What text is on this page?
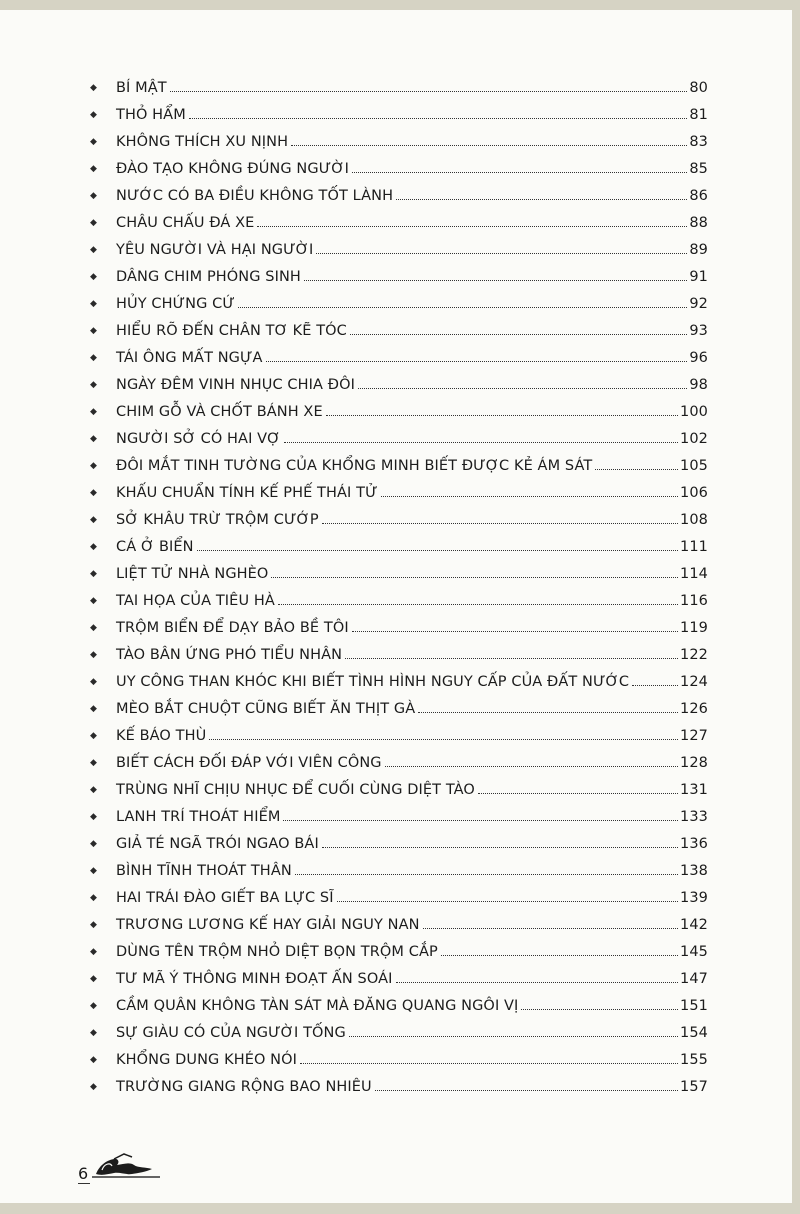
◆	BÍ MẬT	80
◆	THỎ HẨM	81
◆	KHÔNG THÍCH XU NỊNH	83
◆	ĐÀO TẠO KHÔNG ĐÚNG NGƯỜI	85
◆	NƯỚC CÓ BA ĐIỀU KHÔNG TỐT LÀNH	86
◆	CHÂU CHẤU ĐÁ XE	88
◆	YÊU NGƯỜI VÀ HẠI NGƯỜI	89
◆	DÂNG CHIM PHÓNG SINH	91
◆	HỦY CHỨNG CỨ	92
◆	HIỂU RÕ ĐẾN CHÂN TƠ KẼ TÓC	93
◆	TÁI ÔNG MẤT NGỰA	96
◆	NGÀY ĐÊM VINH NHỤC CHIA ĐÔI	98
◆	CHIM GỖ VÀ CHỐT BÁNH XE	100
◆	NGƯỜI SỞ CÓ HAI VỢ	102
◆	ĐÔI MẮT TINH TƯỜNG CỦA KHỔNG MINH BIẾT ĐƯỢC KẺ ÁM SÁT	105
◆	KHẤU CHUẨN TÍNH KẾ PHẾ THÁI TỬ	106
◆	SỞ KHÂU TRỪ TRỘM CƯỚP	108
◆	CÁ Ở BIỂN	111
◆	LIỆT TỬ NHÀ NGHÈO	114
◆	TAI HỌA CỦA TIÊU HÀ	116
◆	TRỘM BIỂN ĐỂ DẠY BẢO BỀ TÔI	119
◆	TÀO BÂN ỨNG PHÓ TIỂU NHÂN	122
◆	UY CÔNG THAN KHÓC KHI BIẾT TÌNH HÌNH NGUY CẤP CỦA ĐẤT NƯỚC	124
◆	MÈO BẮT CHUỘT CŨNG BIẾT ĂN THỊT GÀ	126
◆	KẾ BÁO THÙ	127
◆	BIẾT CÁCH ĐỐI ĐÁP VỚI VIÊN CÔNG	128
◆	TRÙNG NHĨ CHỊU NHỤC ĐỂ CUỐI CÙNG DIỆT TÀO	131
◆	LANH TRÍ THOÁT HIỂM	133
◆	GIẢ TÉ NGÃ TRÓI NGAO BÁI	136
◆	BÌNH TĨNH THOÁT THÂN	138
◆	HAI TRÁI ĐÀO GIẾT BA LỰC SĨ	139
◆	TRƯƠNG LƯƠNG KẾ HAY GIẢI NGUY NAN	142
◆	DÙNG TÊN TRỘM NHỎ DIỆT BỌN TRỘM CẮP	145
◆	TƯ MÃ Ý THÔNG MINH ĐOẠT ẤN SOÁI	147
◆	CẦM QUÂN KHÔNG TÀN SÁT MÀ ĐĂNG QUANG NGÔI VỊ	151
◆	SỰ GIÀU CÓ CỦA NGƯỜI TỐNG	154
◆	KHỔNG DUNG KHÉO NÓI	155
◆	TRƯỜNG GIANG RỘNG BAO NHIÊU	157
6
